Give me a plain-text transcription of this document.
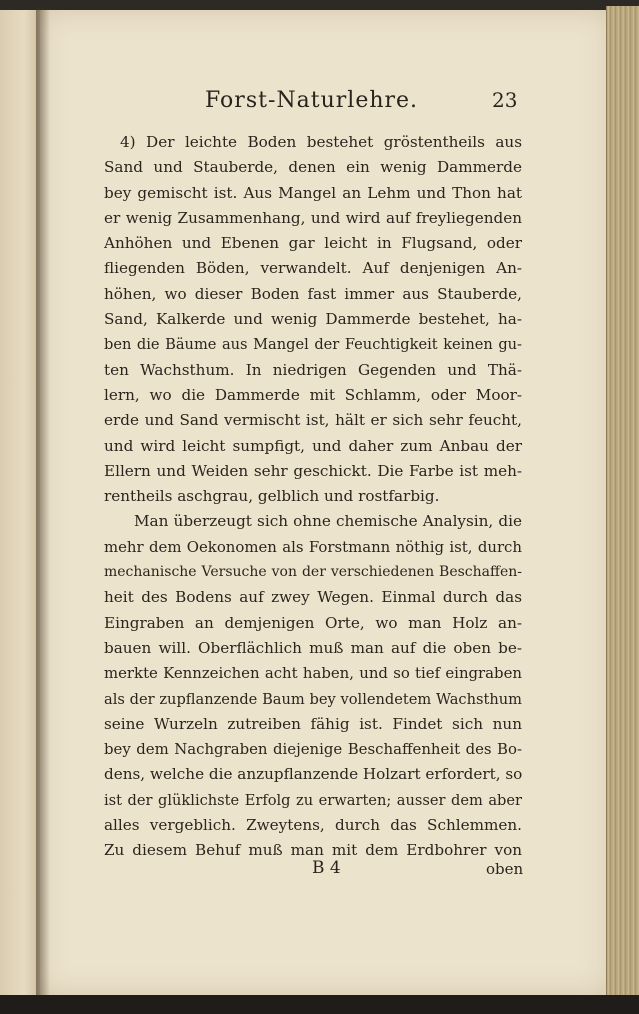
Forst-Naturlehre.	23
4) Der leichte Boden bestehet gröstentheils aus
Sand und Stauberde, denen ein wenig Dammerde
bey gemischt ist. Aus Mangel an Lehm und Thon hat
er wenig Zusammenhang, und wird auf freyliegenden
Anhöhen und Ebenen gar leicht in Flugsand, oder
fliegenden Böden, verwandelt. Auf denjenigen An-
höhen, wo dieser Boden fast immer aus Stauberde,
Sand, Kalkerde und wenig Dammerde bestehet, ha-
ben die Bäume aus Mangel der Feuchtigkeit keinen gu-
ten Wachsthum. In niedrigen Gegenden und Thä-
lern, wo die Dammerde mit Schlamm, oder Moor-
erde und Sand vermischt ist, hält er sich sehr feucht,
und wird leicht sumpfigt, und daher zum Anbau der
Ellern und Weiden sehr geschickt. Die Farbe ist meh-
rentheils aschgrau, gelblich und rostfarbig.
Man überzeugt sich ohne chemische Analysin, die
mehr dem Oekonomen als Forstmann nöthig ist, durch
mechanische Versuche von der verschiedenen Beschaffen-
heit des Bodens auf zwey Wegen. Einmal durch das
Eingraben an demjenigen Orte, wo man Holz an-
bauen will. Oberflächlich muß man auf die oben be-
merkte Kennzeichen acht haben, und so tief eingraben
als der zupflanzende Baum bey vollendetem Wachsthum
seine Wurzeln zutreiben fähig ist. Findet sich nun
bey dem Nachgraben diejenige Beschaffenheit des Bo-
dens, welche die anzupflanzende Holzart erfordert, so
ist der glüklichste Erfolg zu erwarten; ausser dem aber
alles vergeblich. Zweytens, durch das Schlemmen.
Zu diesem Behuf muß man mit dem Erdbohrer von
B 4	oben
